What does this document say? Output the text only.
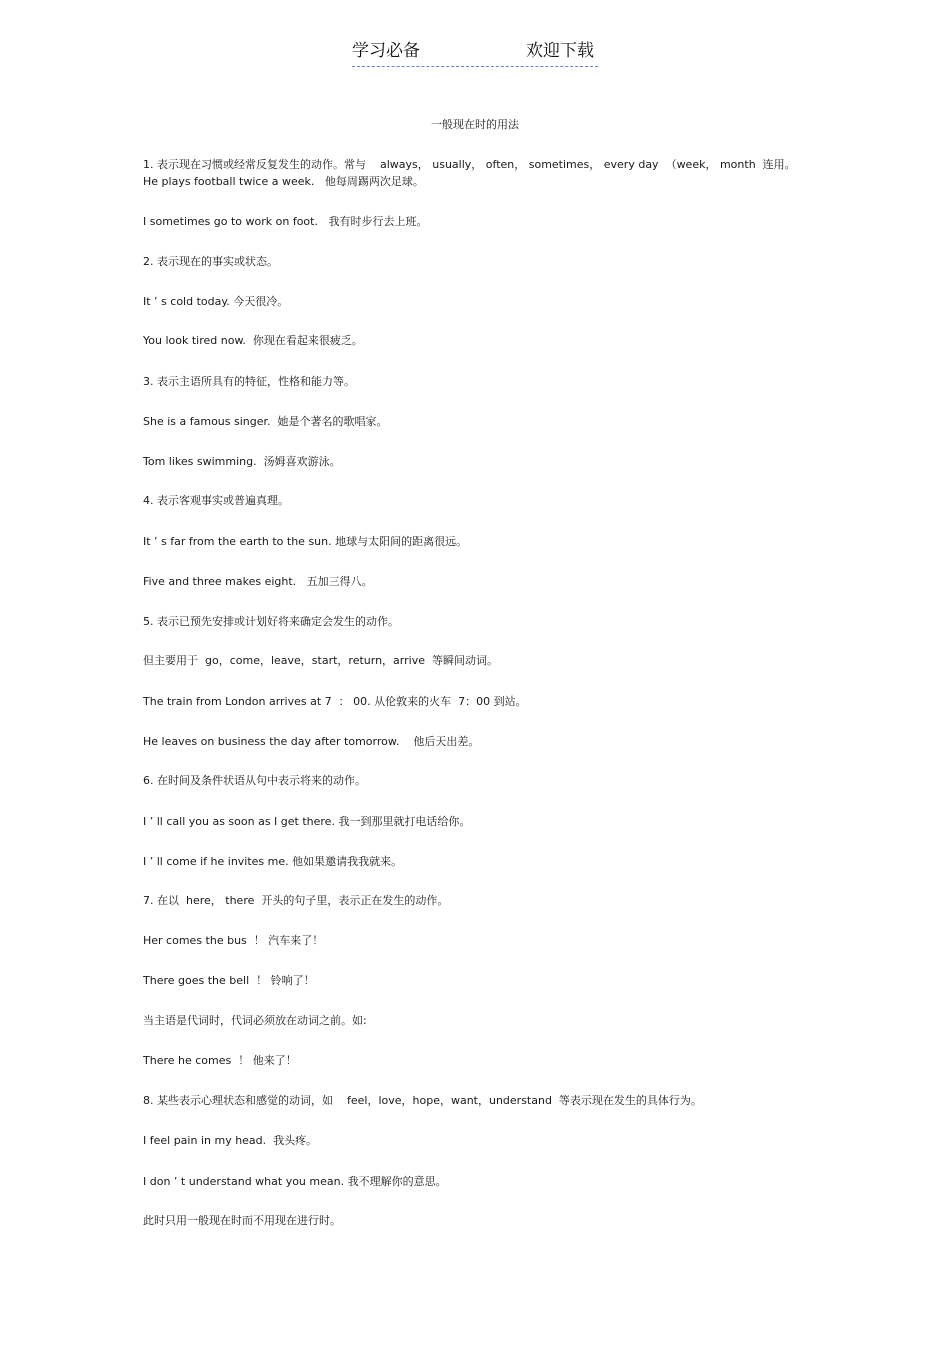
学习必备	欢迎下载
一般现在时的用法
1. 表示现在习惯或经常反复发生的动作。常与    always， usually， often， sometimes， every day  （week， month  连用。
He plays football twice a week.   他每周踢两次足球。
I sometimes go to work on foot.   我有时步行去上班。
2. 表示现在的事实或状态。
It ’ s cold today. 今天很冷。
You look tired now.  你现在看起来很疲乏。
3. 表示主语所具有的特征，性格和能力等。
She is a famous singer.  她是个著名的歌唱家。
Tom likes swimming.  汤姆喜欢游泳。
4. 表示客观事实或普遍真理。
It ’ s far from the earth to the sun. 地球与太阳间的距离很远。
Five and three makes eight.   五加三得八。
5. 表示已预先安排或计划好将来确定会发生的动作。
但主要用于  go，come，leave，start，return，arrive  等瞬间动词。
The train from London arrives at 7  ： 00. 从伦敦来的火车  7：00 到站。
He leaves on business the day after tomorrow.    他后天出差。
6. 在时间及条件状语从句中表示将来的动作。
I ’ ll call you as soon as I get there. 我一到那里就打电话给你。
I ’ ll come if he invites me. 他如果邀请我我就来。
7. 在以  here， there  开头的句子里，表示正在发生的动作。
Her comes the bus  ！ 汽车来了！
There goes the bell  ！ 铃响了！
当主语是代词时，代词必须放在动词之前。如:
There he comes  ！ 他来了！
8. 某些表示心理状态和感觉的动词，如    feel，love，hope，want，understand  等表示现在发生的具体行为。
I feel pain in my head.  我头疼。
I don ’ t understand what you mean. 我不理解你的意思。
此时只用一般现在时而不用现在进行时。
